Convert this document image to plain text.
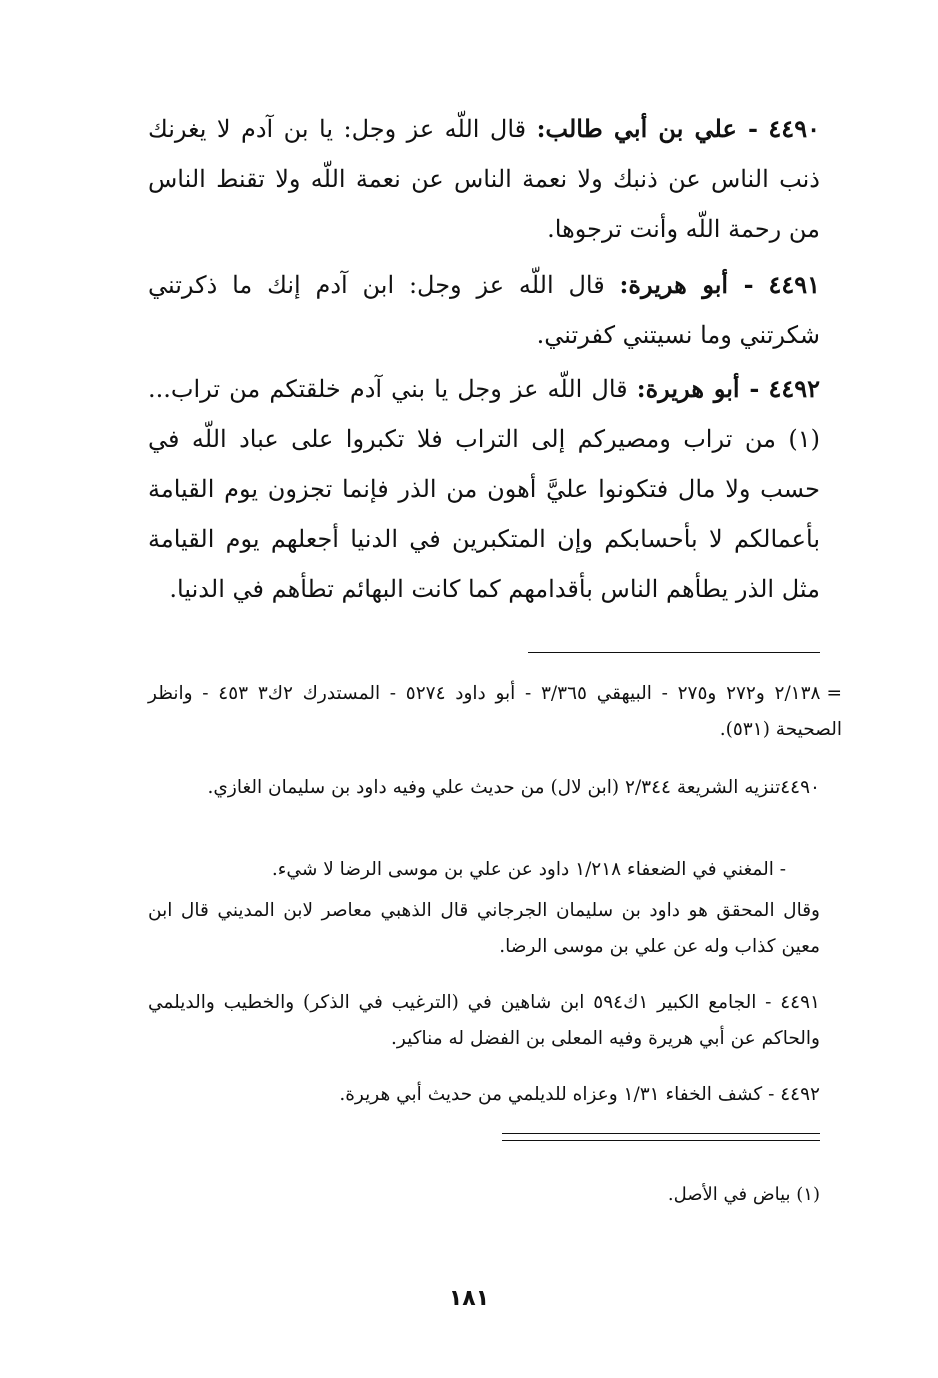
٤٤٩٠ - علي بن أبي طالب: قال اللّه عز وجل: يا بن آدم لا يغرنك ذنب الناس عن ذنبك ولا نعمة الناس عن نعمة اللّه ولا تقنط الناس من رحمة اللّه وأنت ترجوها.

٤٤٩١ - أبو هريرة: قال اللّه عز وجل: ابن آدم إنك ما ذكرتني شكرتني وما نسيتني كفرتني.

٤٤٩٢ - أبو هريرة: قال اللّه عز وجل يا بني آدم خلقتكم من تراب... (١) من تراب ومصيركم إلى التراب فلا تكبروا على عباد اللّه في حسب ولا مال فتكونوا عليَّ أهون من الذر فإنما تجزون يوم القيامة بأعمالكم لا بأحسابكم وإن المتكبرين في الدنيا أجعلهم يوم القيامة مثل الذر يطأهم الناس بأقدامهم كما كانت البهائم تطأهم في الدنيا.

=٢/١٣٨ و٢٧٢ و٢٧٥ - البيهقي ٣/٣٦٥ - أبو داود ٥٢٧٤ - المستدرك ٢ك٣ ٤٥٣ - وانظر الصحيحة (٥٣١).

٤٤٩٠تنزيه الشريعة ٢/٣٤٤ (ابن لال) من حديث علي وفيه داود بن سليمان الغازي.

- المغني في الضعفاء ١/٢١٨ داود عن علي بن موسى الرضا لا شيء.

وقال المحقق هو داود بن سليمان الجرجاني قال الذهبي معاصر لابن المديني قال ابن معين كذاب وله عن علي بن موسى الرضا.

٤٤٩١ - الجامع الكبير ١ك٥٩٤ ابن شاهين في (الترغيب في الذكر) والخطيب والديلمي والحاكم عن أبي هريرة وفيه المعلى بن الفضل له مناكير.

٤٤٩٢ - كشف الخفاء ١/٣١ وعزاه للديلمي من حديث أبي هريرة.

(١) بياض في الأصل.

١٨١
